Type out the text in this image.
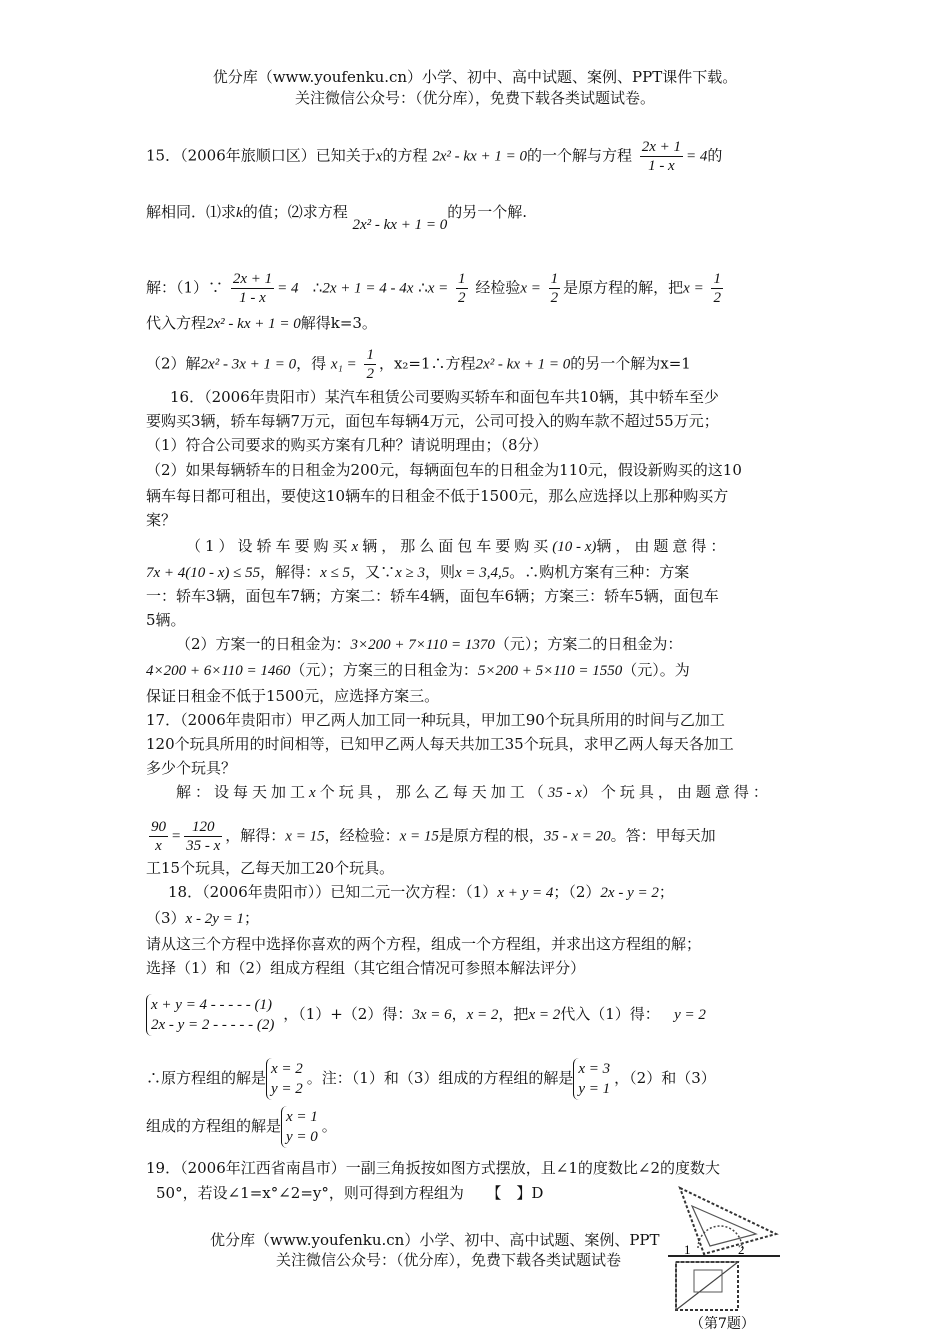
优分库（www.youfenku.cn）小学、初中、高中试题、案例、PPT课件下载。
关注微信公众号：（优分库），免费下载各类试题试卷。
15．（2006年旅顺口区）已知关于x的方程 2x² - kx + 1 = 0的一个解与方程 $\frac{2x + 1}{1 - x} = 4$的
解相同．⑴求k的值；⑵求方程 2x² - kx + 1 = 0的另一个解.
解：（1）∵ $\frac{2x + 1}{1 - x} = 4$ ∴2x + 1 = 4 - 4x ∴x = $\frac{1}{2}$ 经检验$x = \frac{1}{2}$ 是原方程的解，把$x = \frac{1}{2}$
代入方程2x² - kx + 1 = 0解得k=3。
（2）解2x² - 3x + 1 = 0，得 $x_1 = \frac{1}{2}$ ，x₂=1∴方程2x² - kx + 1 = 0的另一个解为x=1
16．（2006年贵阳市）某汽车租赁公司要购买轿车和面包车共10辆，其中轿车至少
要购买3辆，轿车每辆7万元，面包车每辆4万元，公司可投入的购车款不超过55万元；
（1）符合公司要求的购买方案有几种？请说明理由；（8分）
（2）如果每辆轿车的日租金为200元，每辆面包车的日租金为110元，假设新购买的这10
辆车每日都可租出，要使这10辆车的日租金不低于1500元，那么应选择以上那种购买方
案？
（1）设轿车要购买x辆，那么面包车要购买(10 - x)辆，由题意得：
7x + 4(10 - x) ≤ 55，解得：x ≤ 5，又∵x ≥ 3，则x = 3,4,5。∴购机方案有三种：方案
一：轿车3辆，面包车7辆；方案二：轿车4辆，面包车6辆；方案三：轿车5辆，面包车
5辆。
（2）方案一的日租金为：3×200 + 7×110 = 1370（元）；方案二的日租金为：
4×200 + 6×110 = 1460（元）；方案三的日租金为：5×200 + 5×110 = 1550（元）。为
保证日租金不低于1500元，应选择方案三。
17．（2006年贵阳市）甲乙两人加工同一种玩具，甲加工90个玩具所用的时间与乙加工
120个玩具所用的时间相等，已知甲乙两人每天共加工35个玩具，求甲乙两人每天各加工
多少个玩具？
解：设每天加工x个玩具，那么乙每天加工（35 - x）个玩具，由题意得：
$\frac{90}{x} = \frac{120}{35 - x}$ ，解得：x = 15，经检验：x = 15是原方程的根，35 - x = 20。答：甲每天加
工15个玩具，乙每天加工20个玩具。
18．（2006年贵阳市））已知二元一次方程：（1）x + y = 4；（2）2x - y = 2；
（3）x - 2y = 1；
请从这三个方程中选择你喜欢的两个方程，组成一个方程组，并求出这方程组的解；
选择（1）和（2）组成方程组（其它组合情况可参照本解法评分）
x + y = 4 - - - - - (1)
2x - y = 2 - - - - - (2)
，（1）+（2）得：3x = 6，x = 2，把x = 2代入（1）得： y = 2
∴原方程组的解是 x = 2
y = 2
。注：（1）和（3）组成的方程组的解是 x = 3
y = 1
，（2）和（3）
组成的方程组的解是 x = 1
y = 0
。
19．（2006年江西省南昌市）一副三角扳按如图方式摆放，且∠1的度数比∠2的度数大
50°，若设∠1=x°∠2=y°，则可得到方程组为　　【　】D
优分库（www.youfenku.cn）小学、初中、高中试题、案例、PPT
关注微信公众号：（优分库），免费下载各类试题试卷
1	2
（第7题）
